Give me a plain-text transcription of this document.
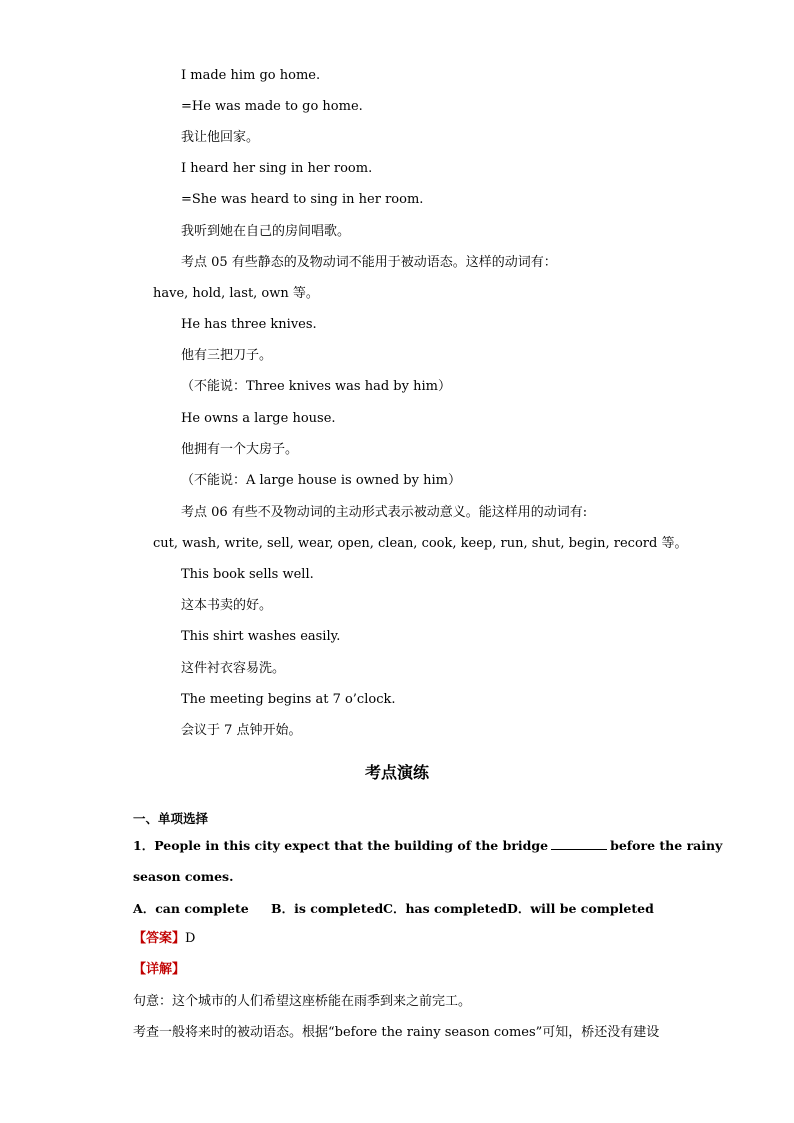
I made him go home.
=He was made to go home.
我让他回家。
I heard her sing in her room.
=She was heard to sing in her room.
我听到她在自己的房间唱歌。
考点 05 有些静态的及物动词不能用于被动语态。这样的动词有：
have, hold, last, own 等。
He has three knives.
他有三把刀子。
（不能说：Three knives was had by him）
He owns a large house.
他拥有一个大房子。
（不能说：A large house is owned by him）
考点 06 有些不及物动词的主动形式表示被动意义。能这样用的动词有:
cut, wash, write, sell, wear, open, clean, cook, keep, run, shut, begin, record 等。
This book sells well.
这本书卖的好。
This shirt washes easily.
这件衬衣容易洗。
The meeting begins at 7 o’clock.
会议于 7 点钟开始。
考点演练
一、单项选择
1．People in this city expect that the building of the bridge	before the rainy
season comes.
A．can complete B．is completedC．has completedD．will be completed
【答案】D
【详解】
句意：这个城市的人们希望这座桥能在雨季到来之前完工。
考查一般将来时的被动语态。根据“before the rainy season comes”可知，桥还没有建设
